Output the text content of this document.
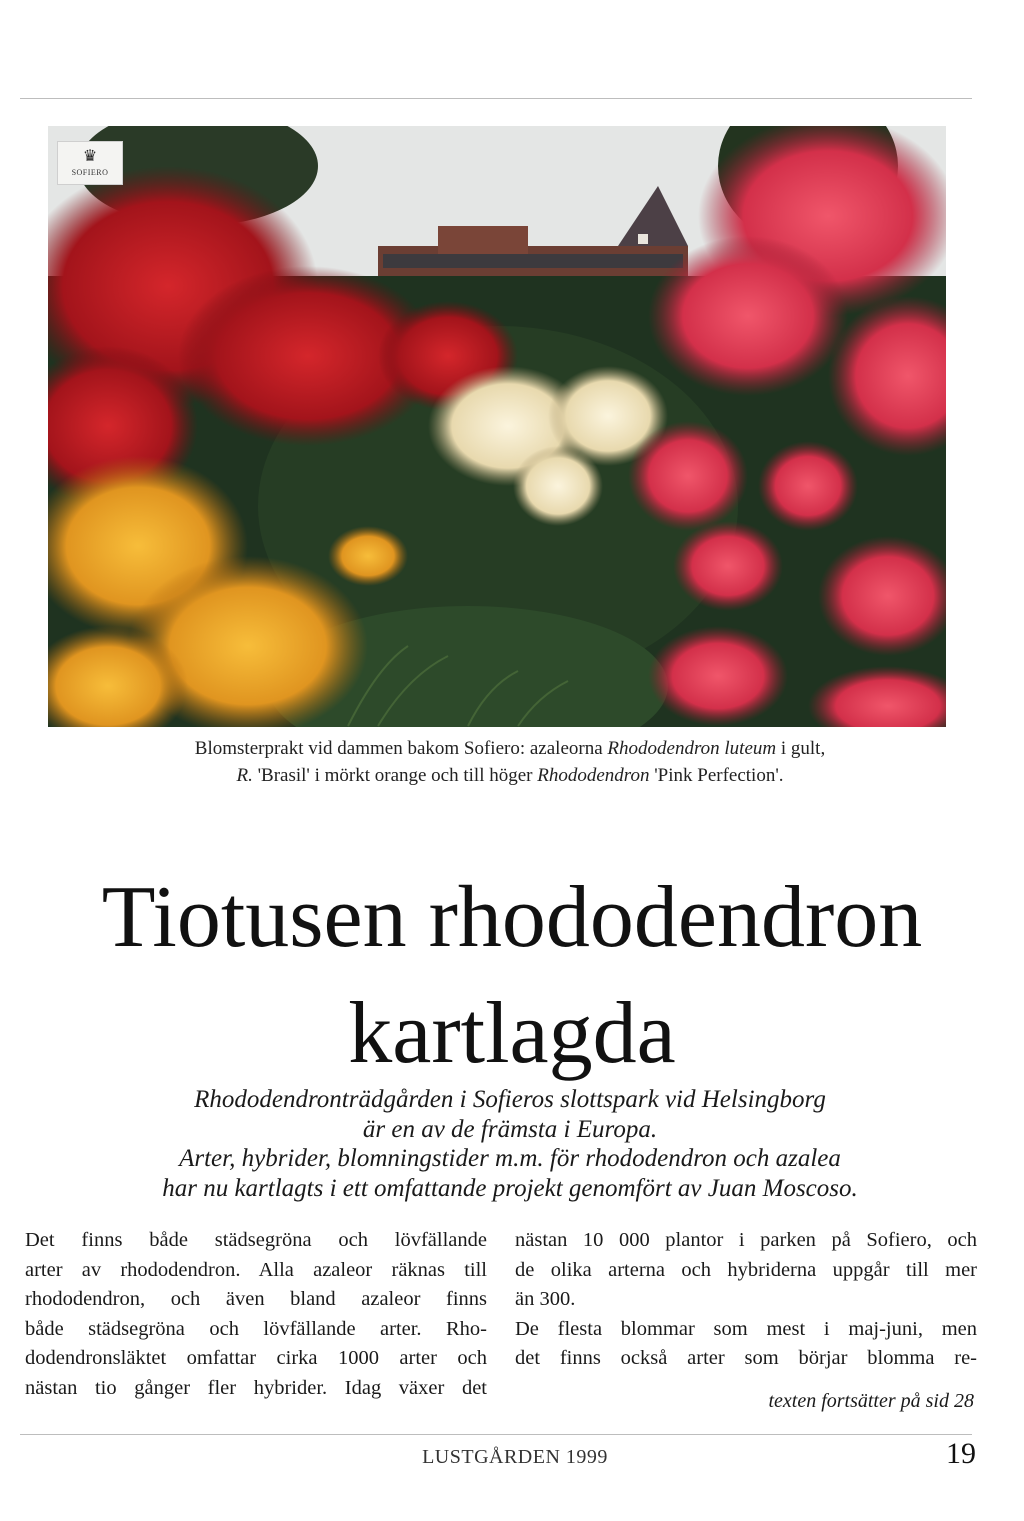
♛
SOFIERO
Blomsterprakt vid dammen bakom Sofiero: azaleorna Rhododendron luteum i gult,
R. 'Brasil' i mörkt orange och till höger Rhododendron 'Pink Perfection'.
Tiotusen rhododendron
kartlagda
Rhododendronträdgården i Sofieros slottspark vid Helsingborg
är en av de främsta i Europa.
Arter, hybrider, blomningstider m.m. för rhododendron och azalea
har nu kartlagts i ett omfattande projekt genomfört av Juan Moscoso.
Det finns både städsegröna och lövfällande
arter av rhododendron. Alla azaleor räknas till
rhododendron, och även bland azaleor finns
både städsegröna och lövfällande arter. Rho-
dodendronsläktet omfattar cirka 1000 arter och
nästan tio gånger fler hybrider. Idag växer det
nästan 10 000 plantor i parken på Sofiero, och
de olika arterna och hybriderna uppgår till mer
än 300.
De flesta blommar som mest i maj-juni, men
det finns också arter som börjar blomma re-
texten fortsätter på sid 28
LUSTGÅRDEN 1999	19
